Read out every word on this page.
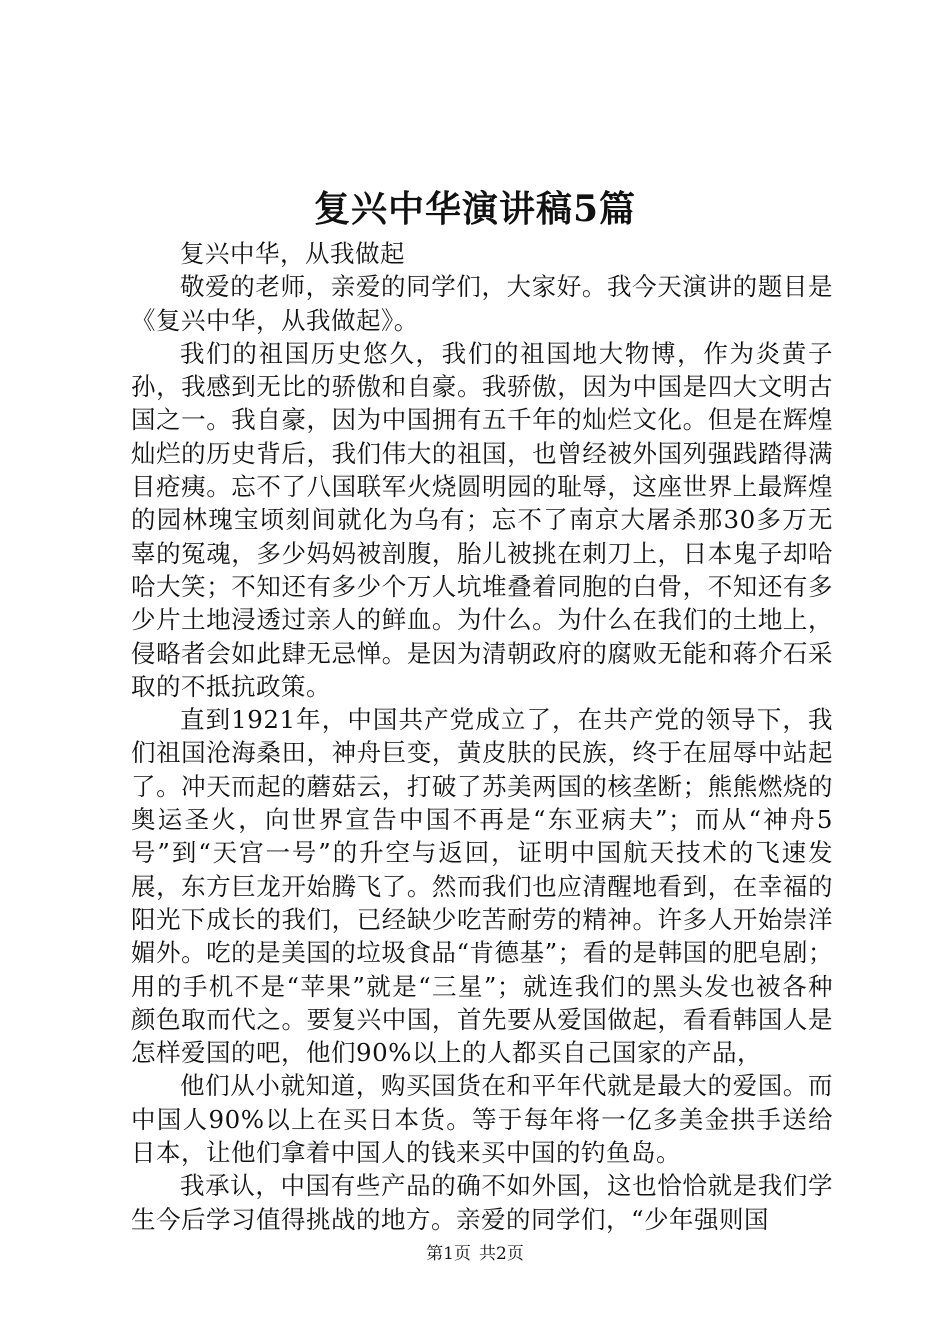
复兴中华演讲稿5篇

复兴中华，从我做起

敬爱的老师，亲爱的同学们，大家好。我今天演讲的题目是《复兴中华，从我做起》。

我们的祖国历史悠久，我们的祖国地大物博，作为炎黄子孙，我感到无比的骄傲和自豪。我骄傲，因为中国是四大文明古国之一。我自豪，因为中国拥有五千年的灿烂文化。但是在辉煌灿烂的历史背后，我们伟大的祖国，也曾经被外国列强践踏得满目疮痍。忘不了八国联军火烧圆明园的耻辱，这座世界上最辉煌的园林瑰宝顷刻间就化为乌有；忘不了南京大屠杀那30多万无辜的冤魂，多少妈妈被剖腹，胎儿被挑在刺刀上，日本鬼子却哈哈大笑；不知还有多少个万人坑堆叠着同胞的白骨，不知还有多少片土地浸透过亲人的鲜血。为什么。为什么在我们的土地上，侵略者会如此肆无忌惮。是因为清朝政府的腐败无能和蒋介石采取的不抵抗政策。

直到1921年，中国共产党成立了，在共产党的领导下，我们祖国沧海桑田，神舟巨变，黄皮肤的民族，终于在屈辱中站起了。冲天而起的蘑菇云，打破了苏美两国的核垄断；熊熊燃烧的奥运圣火，向世界宣告中国不再是“东亚病夫”；而从“神舟5号”到“天宫一号”的升空与返回，证明中国航天技术的飞速发展，东方巨龙开始腾飞了。然而我们也应清醒地看到，在幸福的阳光下成长的我们，已经缺少吃苦耐劳的精神。许多人开始崇洋媚外。吃的是美国的垃圾食品“肯德基”；看的是韩国的肥皂剧；用的手机不是“苹果”就是“三星”；就连我们的黑头发也被各种颜色取而代之。要复兴中国，首先要从爱国做起，看看韩国人是怎样爱国的吧，他们90%以上的人都买自己国家的产品，

他们从小就知道，购买国货在和平年代就是最大的爱国。而中国人90%以上在买日本货。等于每年将一亿多美金拱手送给日本，让他们拿着中国人的钱来买中国的钓鱼岛。

我承认，中国有些产品的确不如外国，这也恰恰就是我们学生今后学习值得挑战的地方。亲爱的同学们，“少年强则国

第1页 共2页
